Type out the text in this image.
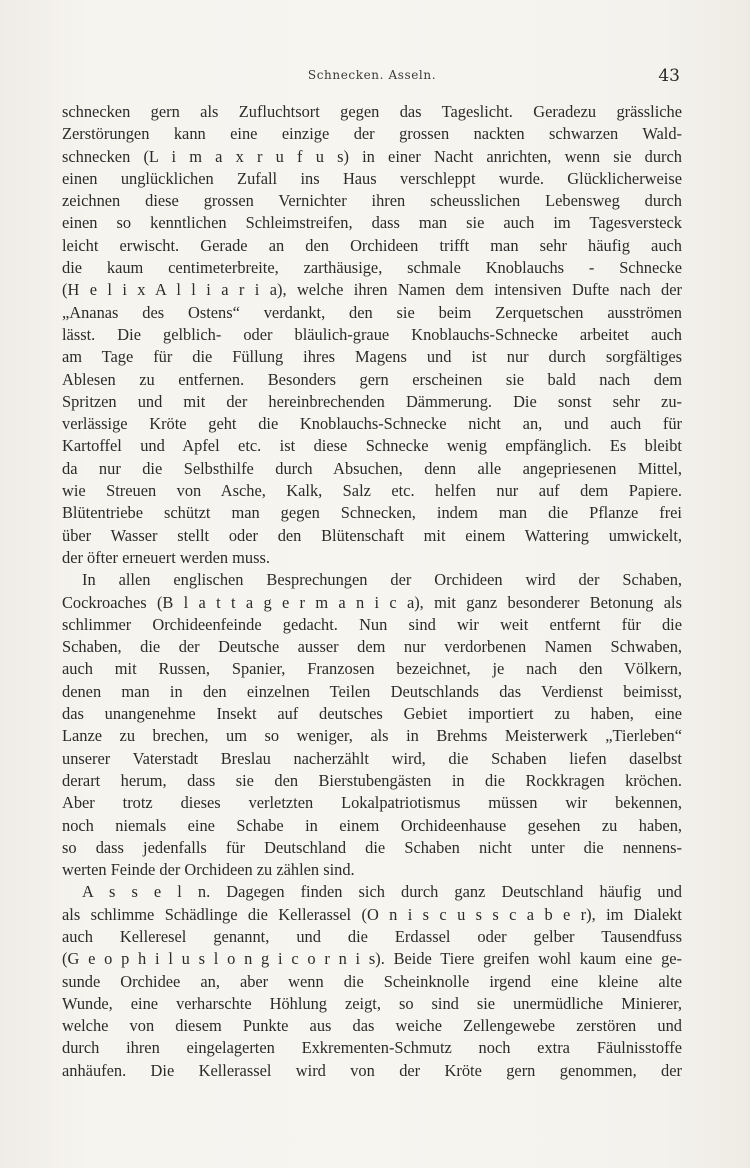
Schnecken. Asseln.	43
schnecken gern als Zufluchtsort gegen das Tageslicht. Geradezu grässliche
Zerstörungen kann eine einzige der grossen nackten schwarzen Wald-
schnecken (L i m a x r u f u s) in einer Nacht anrichten, wenn sie durch
einen unglücklichen Zufall ins Haus verschleppt wurde. Glücklicherweise
zeichnen diese grossen Vernichter ihren scheusslichen Lebensweg durch
einen so kenntlichen Schleimstreifen, dass man sie auch im Tagesversteck
leicht erwischt. Gerade an den Orchideen trifft man sehr häufig auch
die kaum centimeterbreite, zarthäusige, schmale Knoblauchs - Schnecke
(H e l i x A l l i a r i a), welche ihren Namen dem intensiven Dufte nach der
„Ananas des Ostens“ verdankt, den sie beim Zerquetschen ausströmen
lässt. Die gelblich- oder bläulich-graue Knoblauchs-Schnecke arbeitet auch
am Tage für die Füllung ihres Magens und ist nur durch sorgfältiges
Ablesen zu entfernen. Besonders gern erscheinen sie bald nach dem
Spritzen und mit der hereinbrechenden Dämmerung. Die sonst sehr zu-
verlässige Kröte geht die Knoblauchs-Schnecke nicht an, und auch für
Kartoffel und Apfel etc. ist diese Schnecke wenig empfänglich. Es bleibt
da nur die Selbsthilfe durch Absuchen, denn alle angepriesenen Mittel,
wie Streuen von Asche, Kalk, Salz etc. helfen nur auf dem Papiere.
Blütentriebe schützt man gegen Schnecken, indem man die Pflanze frei
über Wasser stellt oder den Blütenschaft mit einem Wattering umwickelt,
der öfter erneuert werden muss.
In allen englischen Besprechungen der Orchideen wird der Schaben,
Cockroaches (B l a t t a g e r m a n i c a), mit ganz besonderer Betonung als
schlimmer Orchideenfeinde gedacht. Nun sind wir weit entfernt für die
Schaben, die der Deutsche ausser dem nur verdorbenen Namen Schwaben,
auch mit Russen, Spanier, Franzosen bezeichnet, je nach den Völkern,
denen man in den einzelnen Teilen Deutschlands das Verdienst beimisst,
das unangenehme Insekt auf deutsches Gebiet importiert zu haben, eine
Lanze zu brechen, um so weniger, als in Brehms Meisterwerk „Tierleben“
unserer Vaterstadt Breslau nacherzählt wird, die Schaben liefen daselbst
derart herum, dass sie den Bierstubengästen in die Rockkragen kröchen.
Aber trotz dieses verletzten Lokalpatriotismus müssen wir bekennen,
noch niemals eine Schabe in einem Orchideenhause gesehen zu haben,
so dass jedenfalls für Deutschland die Schaben nicht unter die nennens-
werten Feinde der Orchideen zu zählen sind.
A s s e l n. Dagegen finden sich durch ganz Deutschland häufig und
als schlimme Schädlinge die Kellerassel (O n i s c u s s c a b e r), im Dialekt
auch Kelleresel genannt, und die Erdassel oder gelber Tausendfuss
(G e o p h i l u s l o n g i c o r n i s). Beide Tiere greifen wohl kaum eine ge-
sunde Orchidee an, aber wenn die Scheinknolle irgend eine kleine alte
Wunde, eine verharschte Höhlung zeigt, so sind sie unermüdliche Minierer,
welche von diesem Punkte aus das weiche Zellengewebe zerstören und
durch ihren eingelagerten Exkrementen-Schmutz noch extra Fäulnisstoffe
anhäufen. Die Kellerassel wird von der Kröte gern genommen, der
